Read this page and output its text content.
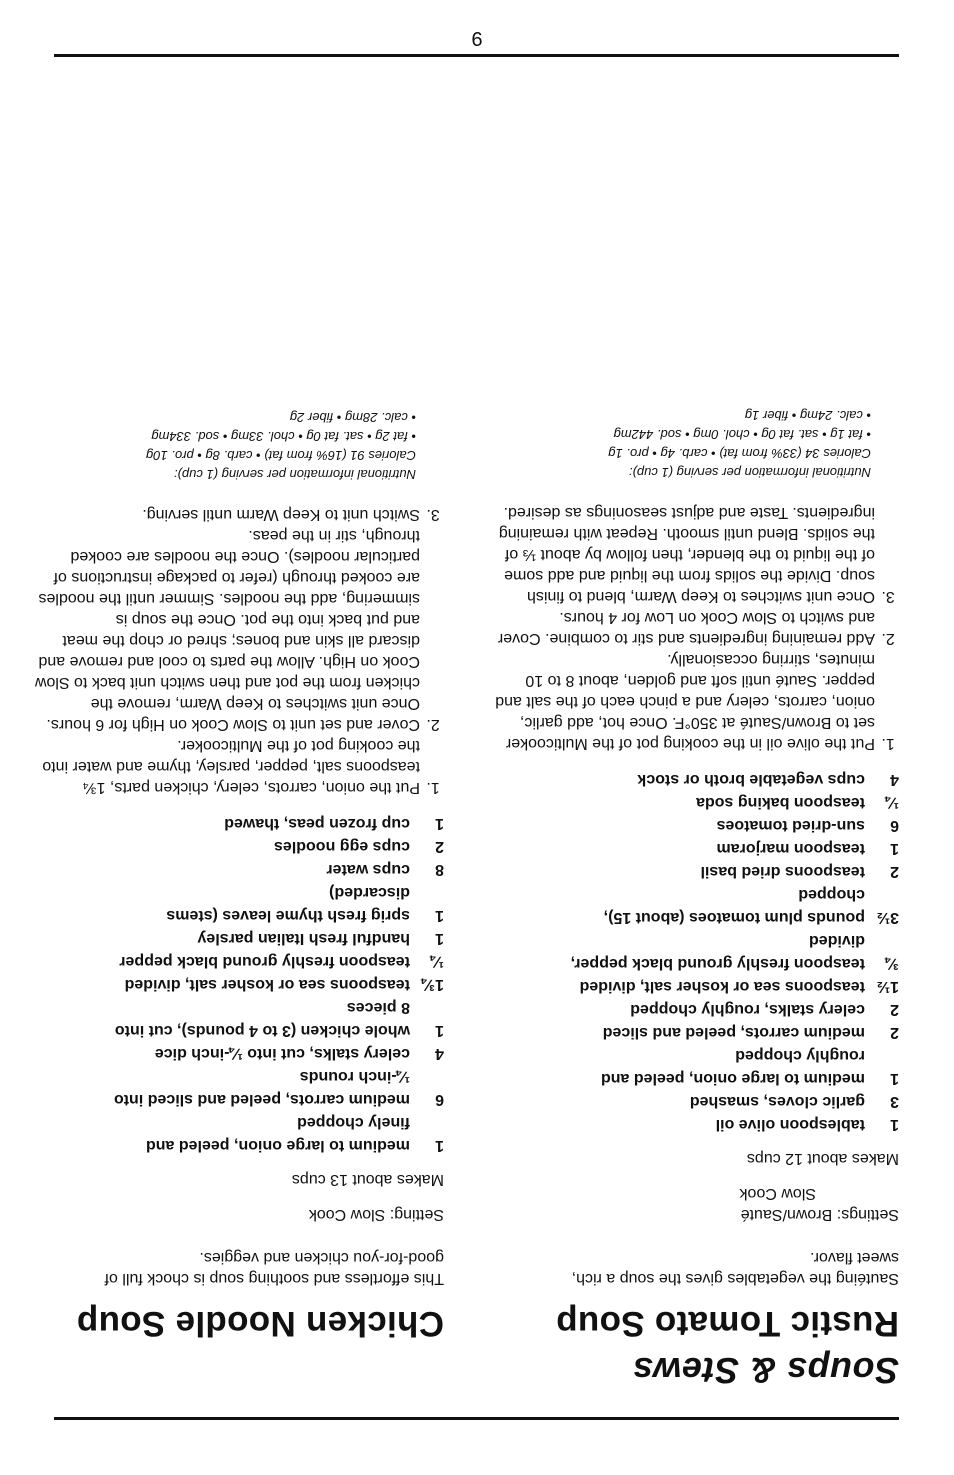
Soups & Stews
Rustic Tomato Soup
Sautéing the vegetables gives the soup a rich, sweet flavor.
Settings: Brown/Sauté
Slow Cook
Makes about 12 cups
1	tablespoon olive oil
3	garlic cloves, smashed
1	medium to large onion, peeled and roughly chopped
2	medium carrots, peeled and sliced
2	celery stalks, roughly chopped
1½	teaspoons sea or kosher salt, divided
¾	teaspoon freshly ground black pepper, divided
3½	pounds plum tomatoes (about 15), chopped
2	teaspoons dried basil
1	teaspoon marjoram
6	sun-dried tomatoes
¼	teaspoon baking soda
4	cups vegetable broth or stock
1. Put the olive oil in the cooking pot of the Multicooker set to Brown/Sauté at 350°F. Once hot, add garlic, onion, carrots, celery and a pinch each of the salt and pepper. Sauté until soft and golden, about 8 to 10 minutes, stirring occasionally.
2. Add remaining ingredients and stir to combine. Cover and switch to Slow Cook on Low for 4 hours.
3. Once unit switches to Keep Warm, blend to finish soup. Divide the solids from the liquid and add some of the liquid to the blender, then follow by about ⅓ of the solids. Blend until smooth. Repeat with remaining ingredients. Taste and adjust seasonings as desired.
Nutritional information per serving (1 cup):
Calories 34 (33% from fat) • carb. 4g • pro. 1g
• fat 1g • sat. fat 0g • chol. 0mg • sod. 442mg
• calc. 24mg • fiber 1g
Chicken Noodle Soup
This effortless and soothing soup is chock full of good-for-you chicken and veggies.
Setting: Slow Cook
Makes about 13 cups
1	medium to large onion, peeled and finely chopped
6	medium carrots, peeled and sliced into ¼-inch rounds
4	celery stalks, cut into ¼-inch dice
1	whole chicken (3 to 4 pounds), cut into 8 pieces
1¾	teaspoons sea or kosher salt, divided
¼	teaspoon freshly ground black pepper
1	handful fresh Italian parsley
1	sprig fresh thyme leaves (stems discarded)
8	cups water
2	cups egg noodles
1	cup frozen peas, thawed
1. Put the onion, carrots, celery, chicken parts, 1¾ teaspoons salt, pepper, parsley, thyme and water into the cooking pot of the Multicooker.
2. Cover and set unit to Slow Cook on High for 6 hours. Once unit switches to Keep Warm, remove the chicken from the pot and then switch unit back to Slow Cook on High. Allow the parts to cool and remove and discard all skin and bones; shred or chop the meat and put back into the pot. Once the soup is simmering, add the noodles. Simmer until the noodles are cooked through (refer to package instructions of particular noodles). Once the noodles are cooked through, stir in the peas.
3. Switch unit to Keep Warm until serving.
Nutritional information per serving (1 cup):
Calories 91 (16% from fat) • carb. 8g • pro. 10g
• fat 2g • sat. fat 0g • chol. 33mg • sod. 334mg
• calc. 28mg • fiber 2g
9
